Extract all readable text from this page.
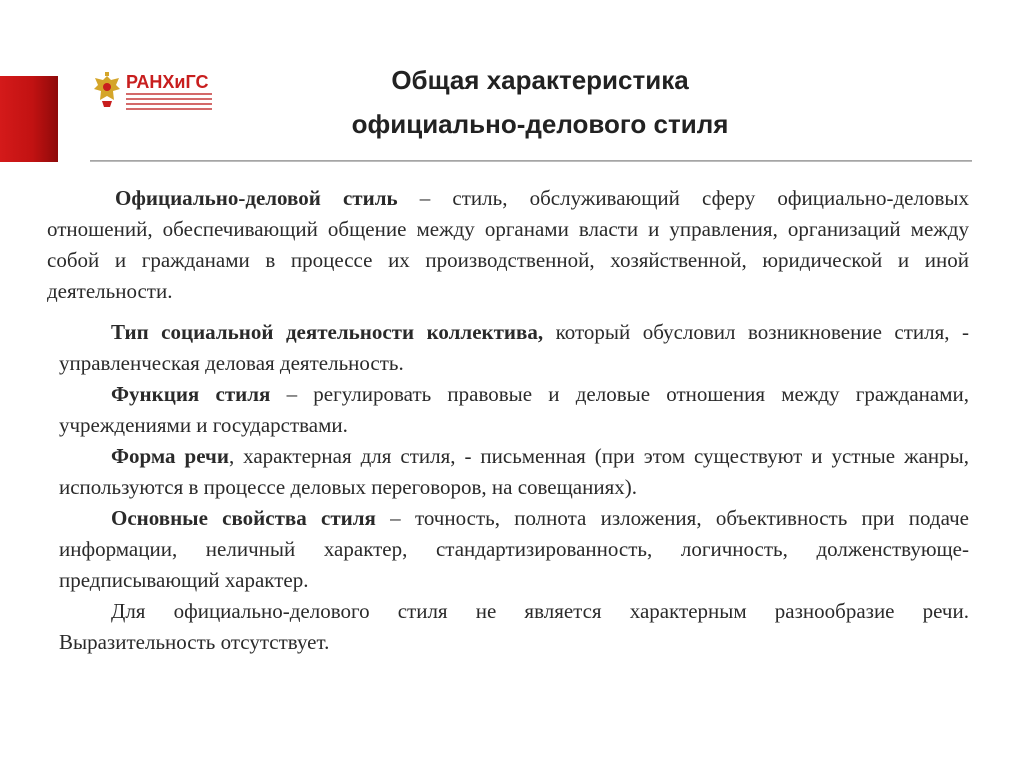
РАНХиГС	Общая характеристика
официально-делового стиля

Официально-деловой стиль – стиль, обслуживающий сферу официально-деловых отношений, обеспечивающий общение между органами власти и управления, организаций между собой и гражданами в процессе их производственной, хозяйственной, юридической и иной деятельности.

Тип социальной деятельности коллектива, который обусловил возникновение стиля, - управленческая деловая деятельность.

Функция стиля – регулировать правовые и деловые отношения между гражданами, учреждениями и государствами.

Форма речи, характерная для стиля, - письменная (при этом существуют и устные жанры, используются в процессе деловых переговоров, на совещаниях).

Основные свойства стиля – точность, полнота изложения, объективность при подаче информации, неличный характер, стандартизированность, логичность, долженствующе-предписывающий характер.

Для официально-делового стиля не является характерным разнообразие речи. Выразительность отсутствует.
